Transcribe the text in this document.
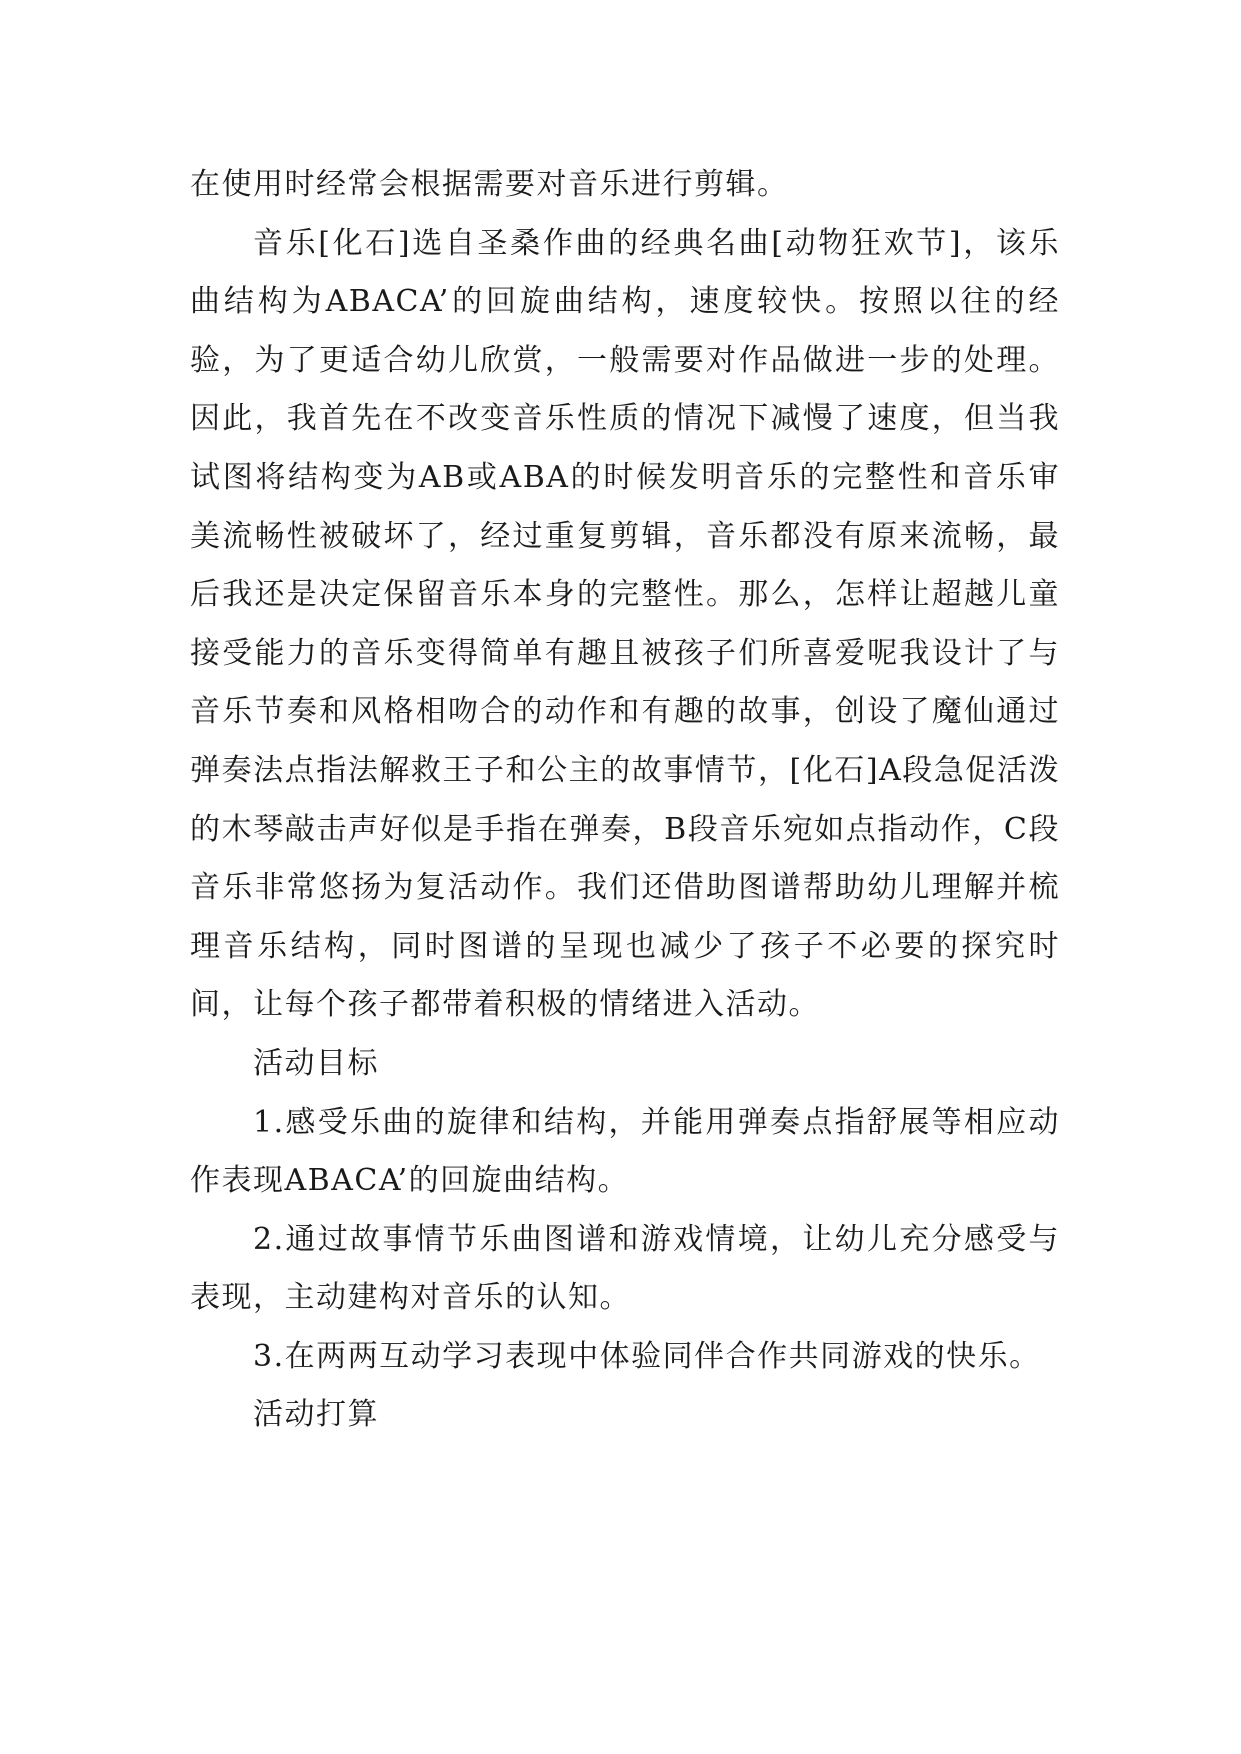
在使用时经常会根据需要对音乐进行剪辑。

音乐[化石]选自圣桑作曲的经典名曲[动物狂欢节]，该乐曲结构为ABACA’的回旋曲结构，速度较快。按照以往的经验，为了更适合幼儿欣赏，一般需要对作品做进一步的处理。因此，我首先在不改变音乐性质的情况下减慢了速度，但当我试图将结构变为AB或ABA的时候发明音乐的完整性和音乐审美流畅性被破坏了，经过重复剪辑，音乐都没有原来流畅，最后我还是决定保留音乐本身的完整性。那么，怎样让超越儿童接受能力的音乐变得简单有趣且被孩子们所喜爱呢我设计了与音乐节奏和风格相吻合的动作和有趣的故事，创设了魔仙通过弹奏法点指法解救王子和公主的故事情节，[化石]A段急促活泼的木琴敲击声好似是手指在弹奏，B段音乐宛如点指动作，C段音乐非常悠扬为复活动作。我们还借助图谱帮助幼儿理解并梳理音乐结构，同时图谱的呈现也减少了孩子不必要的探究时间，让每个孩子都带着积极的情绪进入活动。

活动目标

1.感受乐曲的旋律和结构，并能用弹奏点指舒展等相应动作表现ABACA’的回旋曲结构。

2.通过故事情节乐曲图谱和游戏情境，让幼儿充分感受与表现，主动建构对音乐的认知。

3.在两两互动学习表现中体验同伴合作共同游戏的快乐。

活动打算
